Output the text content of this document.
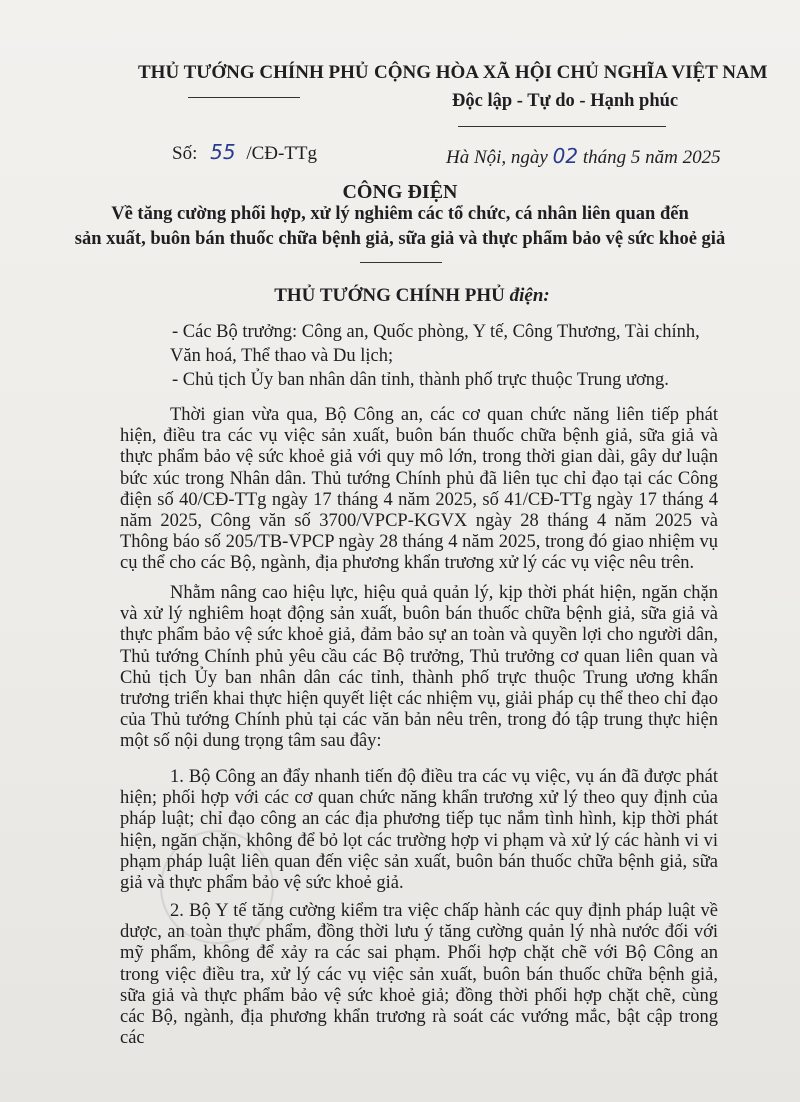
THỦ TƯỚNG CHÍNH PHỦ CỘNG HÒA XÃ HỘI CHỦ NGHĨA VIỆT NAM
Độc lập - Tự do - Hạnh phúc
Số: 55 /CĐ-TTg	Hà Nội, ngày 02 tháng 5 năm 2025
CÔNG ĐIỆN
Về tăng cường phối hợp, xử lý nghiêm các tổ chức, cá nhân liên quan đến
sản xuất, buôn bán thuốc chữa bệnh giả, sữa giả và thực phẩm bảo vệ sức khoẻ giả
THỦ TƯỚNG CHÍNH PHỦ điện:
- Các Bộ trưởng: Công an, Quốc phòng, Y tế, Công Thương, Tài chính,
Văn hoá, Thể thao và Du lịch;
- Chủ tịch Ủy ban nhân dân tỉnh, thành phố trực thuộc Trung ương.
Thời gian vừa qua, Bộ Công an, các cơ quan chức năng liên tiếp phát hiện, điều tra các vụ việc sản xuất, buôn bán thuốc chữa bệnh giả, sữa giả và thực phẩm bảo vệ sức khoẻ giả với quy mô lớn, trong thời gian dài, gây dư luận bức xúc trong Nhân dân. Thủ tướng Chính phủ đã liên tục chỉ đạo tại các Công điện số 40/CĐ-TTg ngày 17 tháng 4 năm 2025, số 41/CĐ-TTg ngày 17 tháng 4 năm 2025, Công văn số 3700/VPCP-KGVX ngày 28 tháng 4 năm 2025 và Thông báo số 205/TB-VPCP ngày 28 tháng 4 năm 2025, trong đó giao nhiệm vụ cụ thể cho các Bộ, ngành, địa phương khẩn trương xử lý các vụ việc nêu trên.
Nhằm nâng cao hiệu lực, hiệu quả quản lý, kịp thời phát hiện, ngăn chặn và xử lý nghiêm hoạt động sản xuất, buôn bán thuốc chữa bệnh giả, sữa giả và thực phẩm bảo vệ sức khoẻ giả, đảm bảo sự an toàn và quyền lợi cho người dân, Thủ tướng Chính phủ yêu cầu các Bộ trưởng, Thủ trưởng cơ quan liên quan và Chủ tịch Ủy ban nhân dân các tỉnh, thành phố trực thuộc Trung ương khẩn trương triển khai thực hiện quyết liệt các nhiệm vụ, giải pháp cụ thể theo chỉ đạo của Thủ tướng Chính phủ tại các văn bản nêu trên, trong đó tập trung thực hiện một số nội dung trọng tâm sau đây:
1. Bộ Công an đẩy nhanh tiến độ điều tra các vụ việc, vụ án đã được phát hiện; phối hợp với các cơ quan chức năng khẩn trương xử lý theo quy định của pháp luật; chỉ đạo công an các địa phương tiếp tục nắm tình hình, kịp thời phát hiện, ngăn chặn, không để bỏ lọt các trường hợp vi phạm và xử lý các hành vi vi phạm pháp luật liên quan đến việc sản xuất, buôn bán thuốc chữa bệnh giả, sữa giả và thực phẩm bảo vệ sức khoẻ giả.
2. Bộ Y tế tăng cường kiểm tra việc chấp hành các quy định pháp luật về dược, an toàn thực phẩm, đồng thời lưu ý tăng cường quản lý nhà nước đối với mỹ phẩm, không để xảy ra các sai phạm. Phối hợp chặt chẽ với Bộ Công an trong việc điều tra, xử lý các vụ việc sản xuất, buôn bán thuốc chữa bệnh giả, sữa giả và thực phẩm bảo vệ sức khoẻ giả; đồng thời phối hợp chặt chẽ, cùng các Bộ, ngành, địa phương khẩn trương rà soát các vướng mắc, bật cập trong các
